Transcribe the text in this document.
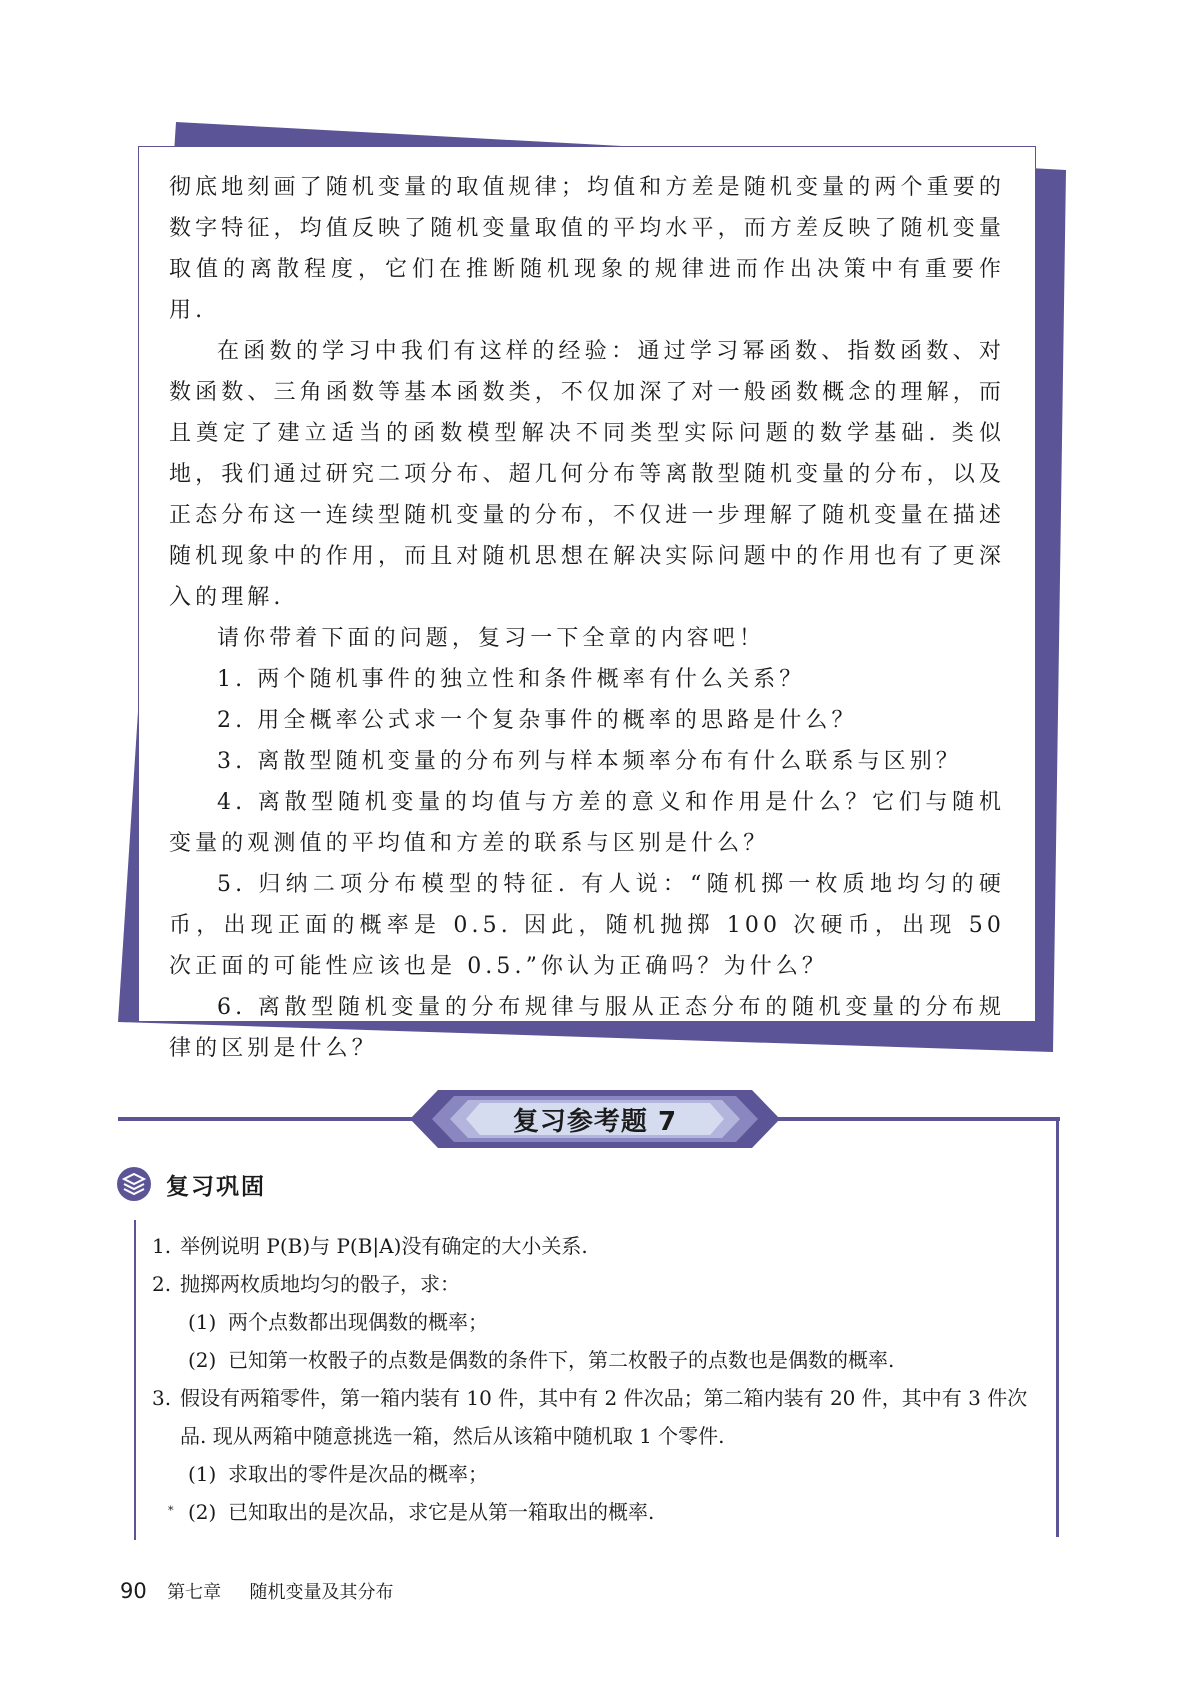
彻底地刻画了随机变量的取值规律；均值和方差是随机变量的两个重要的数字特征，均值反映了随机变量取值的平均水平，而方差反映了随机变量取值的离散程度，它们在推断随机现象的规律进而作出决策中有重要作用.

在函数的学习中我们有这样的经验：通过学习幂函数、指数函数、对数函数、三角函数等基本函数类，不仅加深了对一般函数概念的理解，而且奠定了建立适当的函数模型解决不同类型实际问题的数学基础. 类似地，我们通过研究二项分布、超几何分布等离散型随机变量的分布，以及正态分布这一连续型随机变量的分布，不仅进一步理解了随机变量在描述随机现象中的作用，而且对随机思想在解决实际问题中的作用也有了更深入的理解.

请你带着下面的问题，复习一下全章的内容吧！

1. 两个随机事件的独立性和条件概率有什么关系？

2. 用全概率公式求一个复杂事件的概率的思路是什么？

3. 离散型随机变量的分布列与样本频率分布有什么联系与区别？

4. 离散型随机变量的均值与方差的意义和作用是什么？它们与随机变量的观测值的平均值和方差的联系与区别是什么？

5. 归纳二项分布模型的特征. 有人说：“随机掷一枚质地均匀的硬币，出现正面的概率是 0.5. 因此，随机抛掷 100 次硬币，出现 50 次正面的可能性应该也是 0.5.”你认为正确吗？为什么？

6. 离散型随机变量的分布规律与服从正态分布的随机变量的分布规律的区别是什么？

复习参考题 7
复习巩固
1. 举例说明 P(B)与 P(B|A)没有确定的大小关系.
2. 抛掷两枚质地均匀的骰子，求：
(1) 两个点数都出现偶数的概率；
(2) 已知第一枚骰子的点数是偶数的条件下，第二枚骰子的点数也是偶数的概率.
3. 假设有两箱零件，第一箱内装有 10 件，其中有 2 件次品；第二箱内装有 20 件，其中有 3 件次
品. 现从两箱中随意挑选一箱，然后从该箱中随机取 1 个零件.
(1) 求取出的零件是次品的概率；
* (2) 已知取出的是次品，求它是从第一箱取出的概率.
90 第七章 随机变量及其分布
